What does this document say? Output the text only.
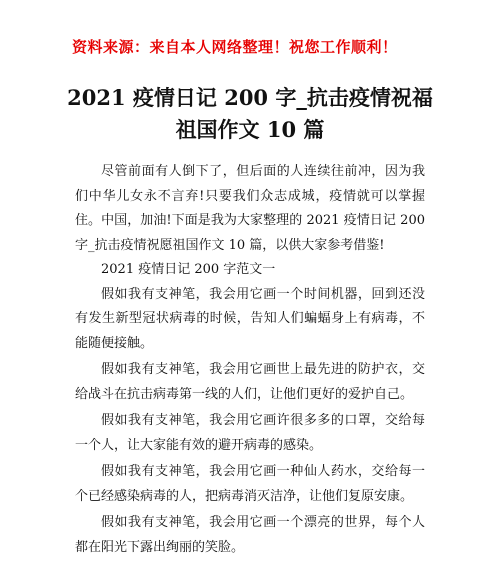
资料来源：来自本人网络整理！祝您工作顺利！
2021 疫情日记 200 字_抗击疫情祝福祖国作文 10 篇

尽管前面有人倒下了，但后面的人连续往前冲，因为我们中华儿女永不言弃!只要我们众志成城，疫情就可以掌握住。中国，加油!下面是我为大家整理的 2021 疫情日记 200 字_抗击疫情祝愿祖国作文 10 篇，以供大家参考借鉴!

2021 疫情日记 200 字范文一

假如我有支神笔，我会用它画一个时间机器，回到还没有发生新型冠状病毒的时候，告知人们蝙蝠身上有病毒，不能随便接触。

假如我有支神笔，我会用它画世上最先进的防护衣，交给战斗在抗击病毒第一线的人们，让他们更好的爱护自己。

假如我有支神笔，我会用它画许很多多的口罩，交给每一个人，让大家能有效的避开病毒的感染。

假如我有支神笔，我会用它画一种仙人药水，交给每一个已经感染病毒的人，把病毒消灭洁净，让他们复原安康。

假如我有支神笔，我会用它画一个漂亮的世界，每个人都在阳光下露出绚丽的笑脸。
